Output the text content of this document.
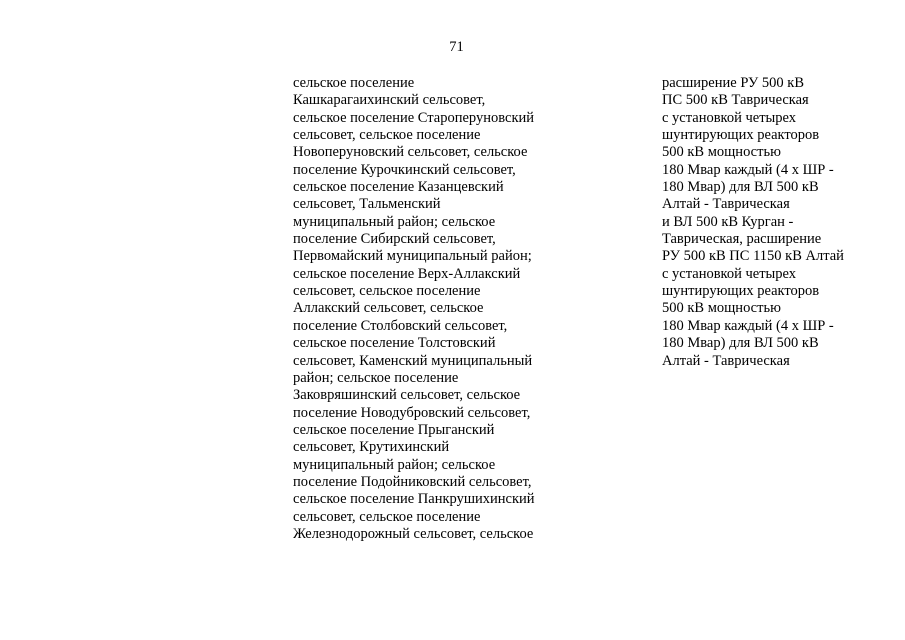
71
сельское поселение
Кашкарагаихинский сельсовет,
сельское поселение Староперуновский
сельсовет, сельское поселение
Новоперуновский сельсовет, сельское
поселение Курочкинский сельсовет,
сельское поселение Казанцевский
сельсовет, Тальменский
муниципальный район; сельское
поселение Сибирский сельсовет,
Первомайский муниципальный район;
сельское поселение Верх-Аллакский
сельсовет, сельское поселение
Аллакский сельсовет, сельское
поселение Столбовский сельсовет,
сельское поселение Толстовский
сельсовет, Каменский муниципальный
район; сельское поселение
Заковряшинский сельсовет, сельское
поселение Новодубровский сельсовет,
сельское поселение Прыганский
сельсовет, Крутихинский
муниципальный район; сельское
поселение Подойниковский сельсовет,
сельское поселение Панкрушихинский
сельсовет, сельское поселение
Железнодорожный сельсовет, сельское
расширение РУ 500 кВ
ПС 500 кВ Таврическая
с установкой четырех
шунтирующих реакторов
500 кВ мощностью
180 Мвар каждый (4 х ШР -
180 Мвар) для ВЛ 500 кВ
Алтай - Таврическая
и ВЛ 500 кВ Курган -
Таврическая, расширение
РУ 500 кВ ПС 1150 кВ Алтай
с установкой четырех
шунтирующих реакторов
500 кВ мощностью
180 Мвар каждый (4 х ШР -
180 Мвар) для ВЛ 500 кВ
Алтай - Таврическая
